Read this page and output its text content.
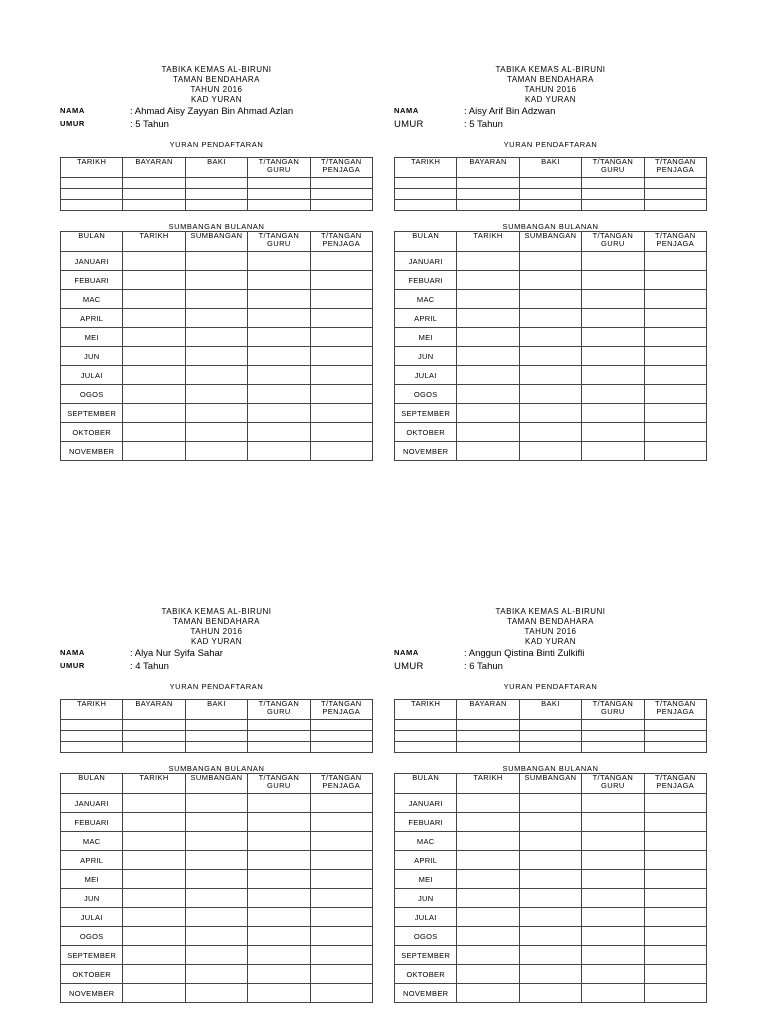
TABIKA KEMAS AL-BIRUNI
TAMAN BENDAHARA
TAHUN 2016
KAD YURAN
NAMA	: Ahmad Aisy Zayyan Bin Ahmad Azlan
UMUR	: 5 Tahun
YURAN PENDAFTARAN
TARIKH	BAYARAN	BAKI	T/TANGAN GURU	T/TANGAN PENJAGA

SUMBANGAN BULANAN
BULAN	TARIKH	SUMBANGAN	T/TANGAN GURU	T/TANGAN PENJAGA
JANUARI				
FEBUARI				
MAC				
APRIL				
MEI				
JUN				
JULAI				
OGOS				
SEPTEMBER				
OKTOBER				
NOVEMBER				
TABIKA KEMAS AL-BIRUNI
TAMAN BENDAHARA
TAHUN 2016
KAD YURAN
NAMA	: Aisy Arif Bin Adzwan
UMUR	: 5 Tahun
YURAN PENDAFTARAN
TARIKH	BAYARAN	BAKI	T/TANGAN GURU	T/TANGAN PENJAGA

SUMBANGAN BULANAN
BULAN	TARIKH	SUMBANGAN	T/TANGAN GURU	T/TANGAN PENJAGA
JANUARI				
FEBUARI				
MAC				
APRIL				
MEI				
JUN				
JULAI				
OGOS				
SEPTEMBER				
OKTOBER				
NOVEMBER				
TABIKA KEMAS AL-BIRUNI
TAMAN BENDAHARA
TAHUN 2016
KAD YURAN
NAMA	: Alya Nur Syifa Sahar
UMUR	: 4 Tahun
YURAN PENDAFTARAN
TARIKH	BAYARAN	BAKI	T/TANGAN GURU	T/TANGAN PENJAGA

SUMBANGAN BULANAN
BULAN	TARIKH	SUMBANGAN	T/TANGAN GURU	T/TANGAN PENJAGA
JANUARI				
FEBUARI				
MAC				
APRIL				
MEI				
JUN				
JULAI				
OGOS				
SEPTEMBER				
OKTOBER				
NOVEMBER				
TABIKA KEMAS AL-BIRUNI
TAMAN BENDAHARA
TAHUN 2016
KAD YURAN
NAMA	: Anggun Qistina Binti Zulkifli
UMUR	: 6 Tahun
YURAN PENDAFTARAN
TARIKH	BAYARAN	BAKI	T/TANGAN GURU	T/TANGAN PENJAGA

SUMBANGAN BULANAN
BULAN	TARIKH	SUMBANGAN	T/TANGAN GURU	T/TANGAN PENJAGA
JANUARI				
FEBUARI				
MAC				
APRIL				
MEI				
JUN				
JULAI				
OGOS				
SEPTEMBER				
OKTOBER				
NOVEMBER				
